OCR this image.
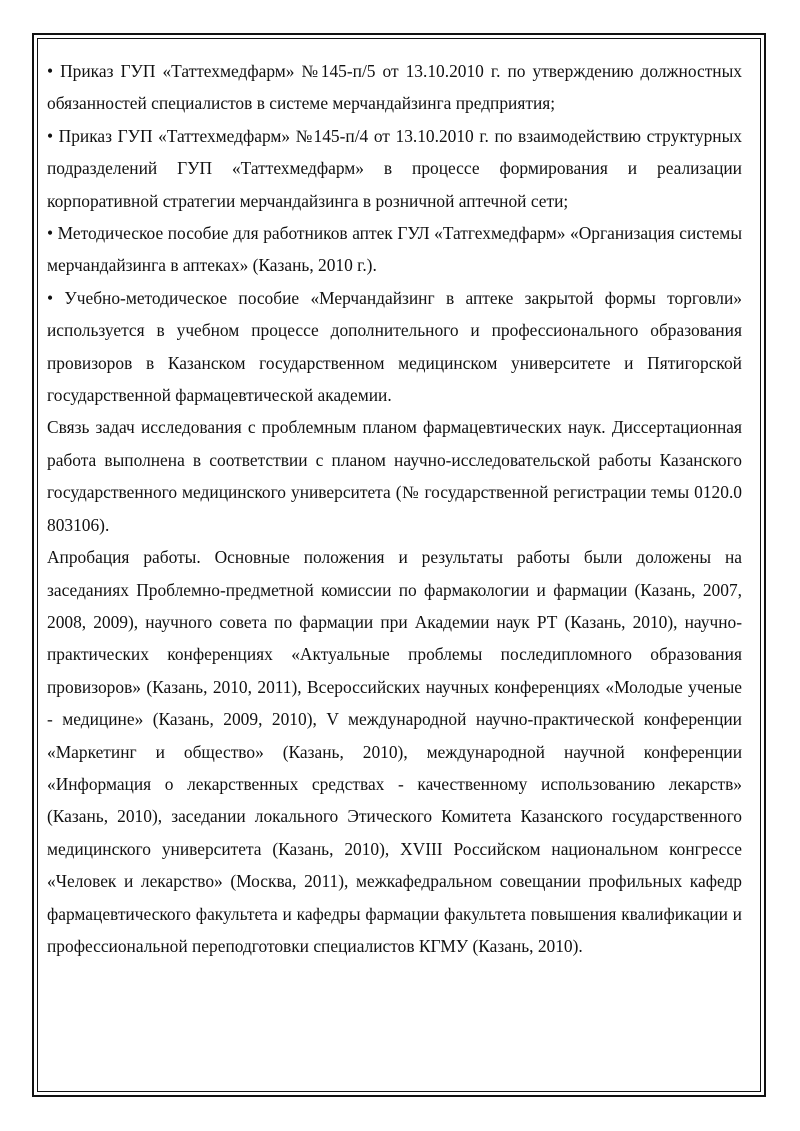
• Приказ ГУП «Таттехмедфарм» №145-п/5 от 13.10.2010 г. по утверждению должностных обязанностей специалистов в системе мерчандайзинга предприятия;

• Приказ ГУП «Таттехмедфарм» №145-п/4 от 13.10.2010 г. по взаимодействию структурных подразделений ГУП «Таттехмедфарм» в процессе формирования и реализации корпоративной стратегии мерчандайзинга в розничной аптечной сети;

• Методическое пособие для работников аптек ГУЛ «Татгехмедфарм» «Организация системы мерчандайзинга в аптеках» (Казань, 2010 г.).

• Учебно-методическое пособие «Мерчандайзинг в аптеке закрытой формы торговли» используется в учебном процессе дополнительного и профессионального образования провизоров в Казанском государственном медицинском университете и Пятигорской государственной фармацевтической академии.

Связь задач исследования с проблемным планом фармацевтических наук. Диссертационная работа выполнена в соответствии с планом научно-исследовательской работы Казанского государственного медицинского университета (№ государственной регистрации темы 0120.0 803106).

Апробация работы. Основные положения и результаты работы были доложены на заседаниях Проблемно-предметной комиссии по фармакологии и фармации (Казань, 2007, 2008, 2009), научного совета по фармации при Академии наук РТ (Казань, 2010), научно-практических конференциях «Актуальные проблемы последипломного образования провизоров» (Казань, 2010, 2011), Всероссийских научных конференциях «Молодые ученые - медицине» (Казань, 2009, 2010), V международной научно-практической конференции «Маркетинг и общество» (Казань, 2010), международной научной конференции «Информация о лекарственных средствах - качественному использованию лекарств» (Казань, 2010), заседании локального Этического Комитета Казанского государственного медицинского университета (Казань, 2010), XVIII Российском национальном конгрессе «Человек и лекарство» (Москва, 2011), межкафедральном совещании профильных кафедр фармацевтического факультета и кафедры фармации факультета повышения квалификации и профессиональной переподготовки специалистов КГМУ (Казань, 2010).
